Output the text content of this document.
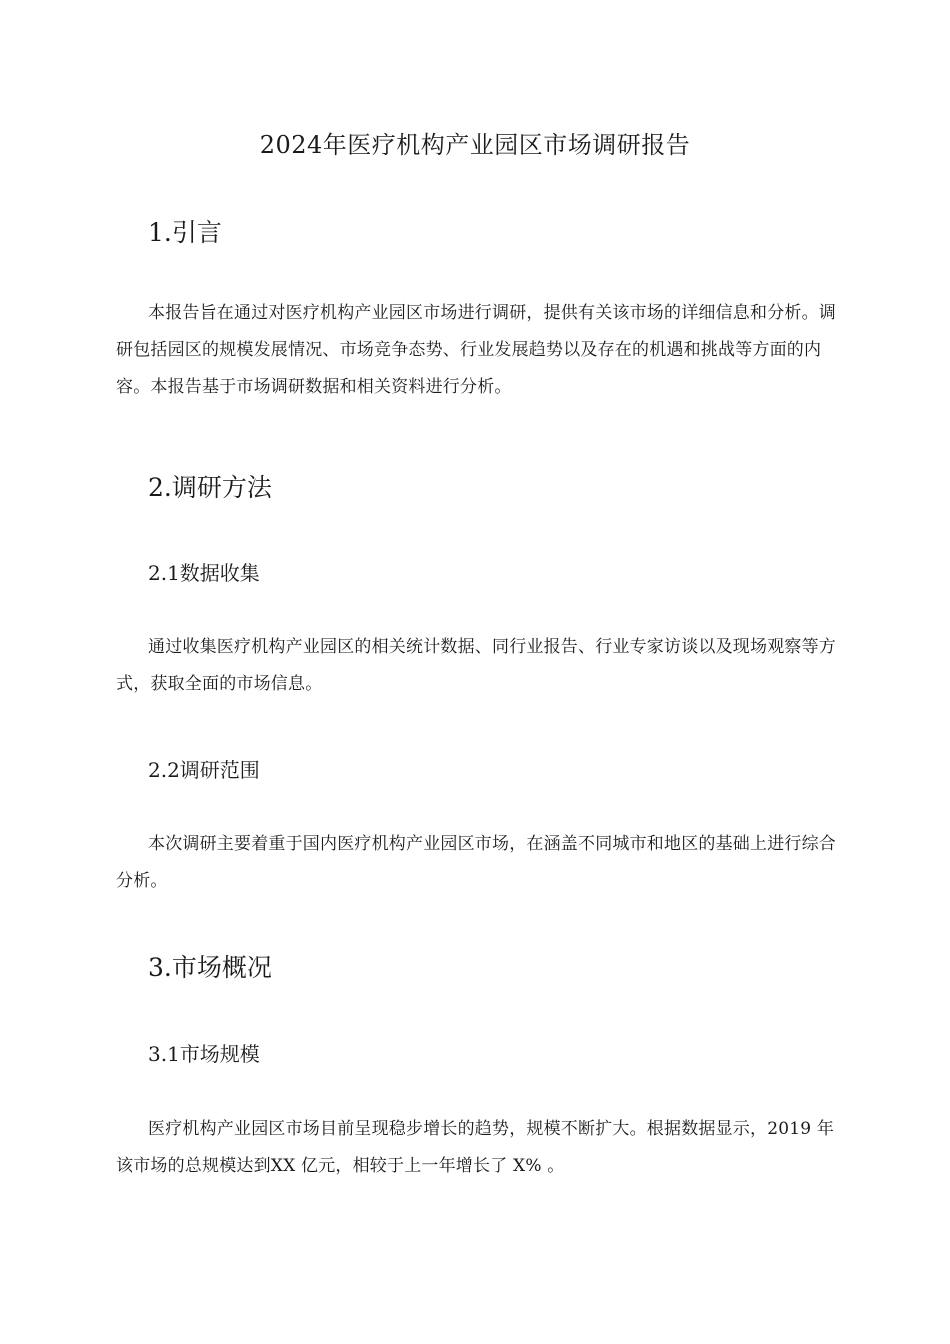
2024年医疗机构产业园区市场调研报告
1.引言

本报告旨在通过对医疗机构产业园区市场进行调研，提供有关该市场的详细信息和分析。调研包括园区的规模发展情况、市场竞争态势、行业发展趋势以及存在的机遇和挑战等方面的内容。本报告基于市场调研数据和相关资料进行分析。

2.调研方法
2.1数据收集

通过收集医疗机构产业园区的相关统计数据、同行业报告、行业专家访谈以及现场观察等方式，获取全面的市场信息。

2.2调研范围

本次调研主要着重于国内医疗机构产业园区市场，在涵盖不同城市和地区的基础上进行综合分析。

3.市场概况
3.1市场规模

医疗机构产业园区市场目前呈现稳步增长的趋势，规模不断扩大。根据数据显示，2019 年该市场的总规模达到XX 亿元，相较于上一年增长了 X% 。
